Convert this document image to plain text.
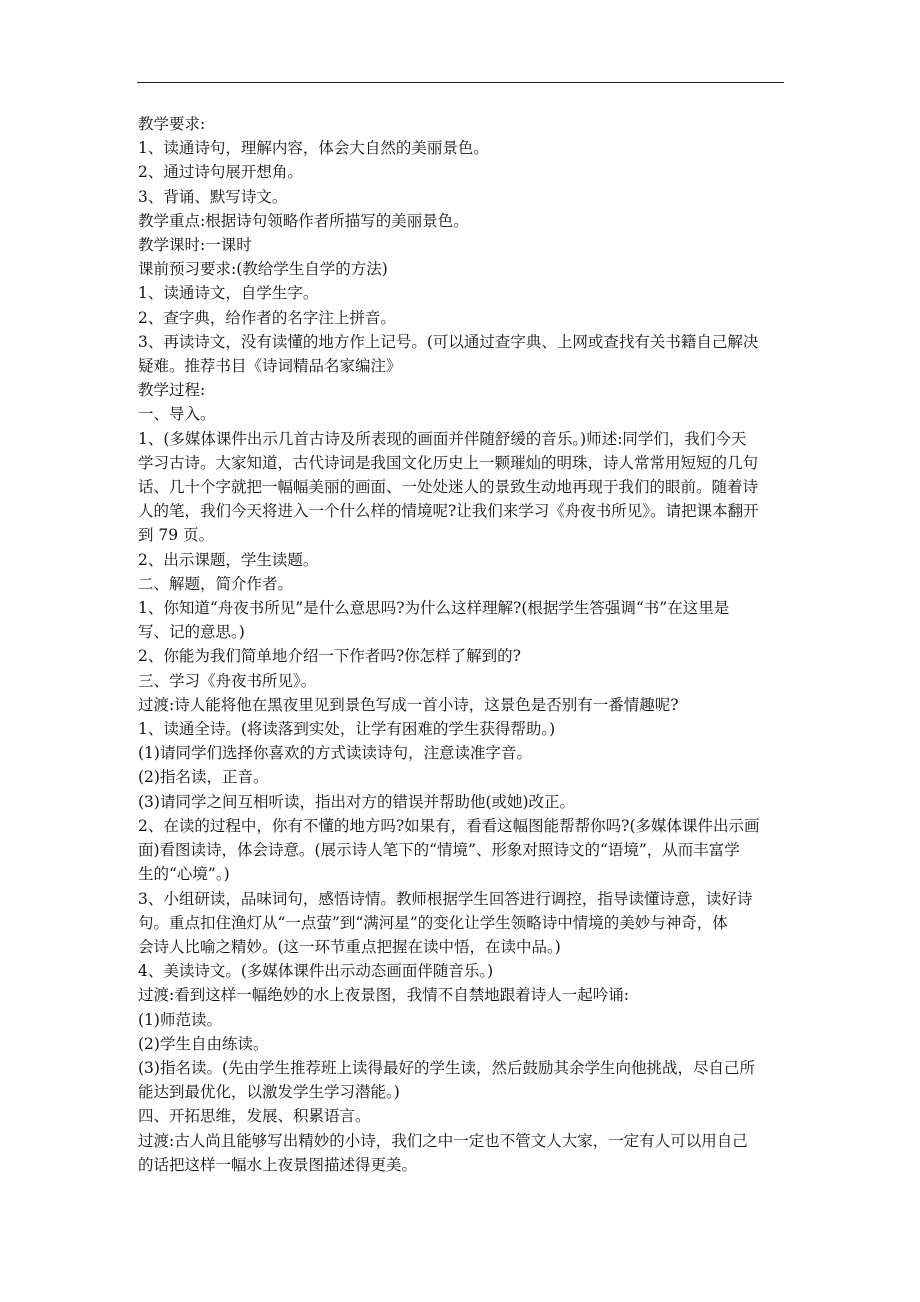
教学要求:
1、读通诗句，理解内容，体会大自然的美丽景色。
2、通过诗句展开想角。
3、背诵、默写诗文。
教学重点:根据诗句领略作者所描写的美丽景色。
教学课时:一课时
课前预习要求:(教给学生自学的方法)
1、读通诗文，自学生字。
2、查字典，给作者的名字注上拼音。
3、再读诗文，没有读懂的地方作上记号。(可以通过查字典、上网或查找有关书籍自己解决
疑难。推荐书目《诗词精品名家编注》
教学过程:
一、导入。
1、(多媒体课件出示几首古诗及所表现的画面并伴随舒缓的音乐。)师述:同学们，我们今天
学习古诗。大家知道，古代诗词是我国文化历史上一颗璀灿的明珠，诗人常常用短短的几句
话、几十个字就把一幅幅美丽的画面、一处处迷人的景致生动地再现于我们的眼前。随着诗
人的笔，我们今天将进入一个什么样的情境呢?让我们来学习《舟夜书所见》。请把课本翻开
到 79 页。
2、出示课题，学生读题。
二、解题，简介作者。
1、你知道“舟夜书所见”是什么意思吗?为什么这样理解?(根据学生答强调“书”在这里是
写、记的意思。)
2、你能为我们简单地介绍一下作者吗?你怎样了解到的?
三、学习《舟夜书所见》。
过渡:诗人能将他在黑夜里见到景色写成一首小诗，这景色是否别有一番情趣呢?
1、读通全诗。(将读落到实处，让学有困难的学生获得帮助。)
(1)请同学们选择你喜欢的方式读读诗句，注意读准字音。
(2)指名读，正音。
(3)请同学之间互相听读，指出对方的错误并帮助他(或她)改正。
2、在读的过程中，你有不懂的地方吗?如果有，看看这幅图能帮帮你吗?(多媒体课件出示画
面)看图读诗，体会诗意。(展示诗人笔下的“情境”、形象对照诗文的“语境”，从而丰富学
生的“心境”。)
3、小组研读，品味词句，感悟诗情。教师根据学生回答进行调控，指导读懂诗意，读好诗
句。重点扣住渔灯从“一点萤”到“满河星”的变化让学生领略诗中情境的美妙与神奇，体
会诗人比喻之精妙。(这一环节重点把握在读中悟，在读中品。)
4、美读诗文。(多媒体课件出示动态画面伴随音乐。)
过渡:看到这样一幅绝妙的水上夜景图，我情不自禁地跟着诗人一起吟诵:
(1)师范读。
(2)学生自由练读。
(3)指名读。(先由学生推荐班上读得最好的学生读，然后鼓励其余学生向他挑战，尽自己所
能达到最优化，以激发学生学习潜能。)
四、开拓思维，发展、积累语言。
过渡:古人尚且能够写出精妙的小诗，我们之中一定也不管文人大家，一定有人可以用自己
的话把这样一幅水上夜景图描述得更美。
